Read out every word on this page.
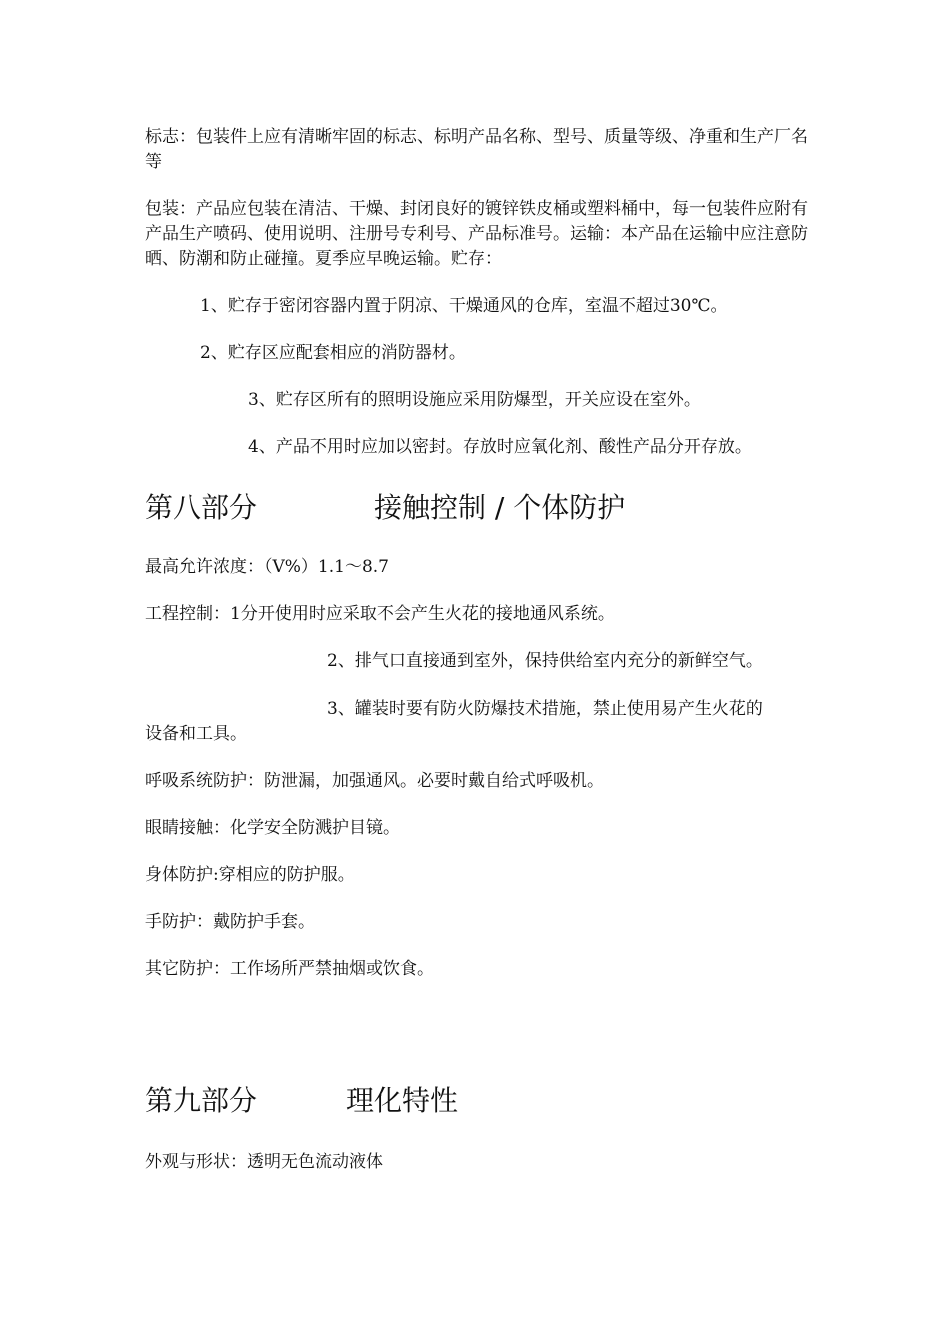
标志：包装件上应有清晰牢固的标志、标明产品名称、型号、质量等级、净重和生产厂名等

包装：产品应包装在清洁、干燥、封闭良好的镀锌铁皮桶或塑料桶中，每一包装件应附有产品生产喷码、使用说明、注册号专利号、产品标准号。运输：本产品在运输中应注意防晒、防潮和防止碰撞。夏季应早晚运输。贮存：

1、贮存于密闭容器内置于阴凉、干燥通风的仓库，室温不超过30℃。

2、贮存区应配套相应的消防器材。

3、贮存区所有的照明设施应采用防爆型，开关应设在室外。

4、产品不用时应加以密封。存放时应氧化剂、酸性产品分开存放。

第八部分	接触控制 / 个体防护

最高允许浓度：（V%）1.1～8.7

工程控制：1分开使用时应采取不会产生火花的接地通风系统。

2、排气口直接通到室外，保持供给室内充分的新鲜空气。

3、罐装时要有防火防爆技术措施，禁止使用易产生火花的

设备和工具。

呼吸系统防护：防泄漏，加强通风。必要时戴自给式呼吸机。

眼睛接触：化学安全防溅护目镜。

身体防护:穿相应的防护服。

手防护：戴防护手套。

其它防护：工作场所严禁抽烟或饮食。

第九部分	理化特性

外观与形状：透明无色流动液体
